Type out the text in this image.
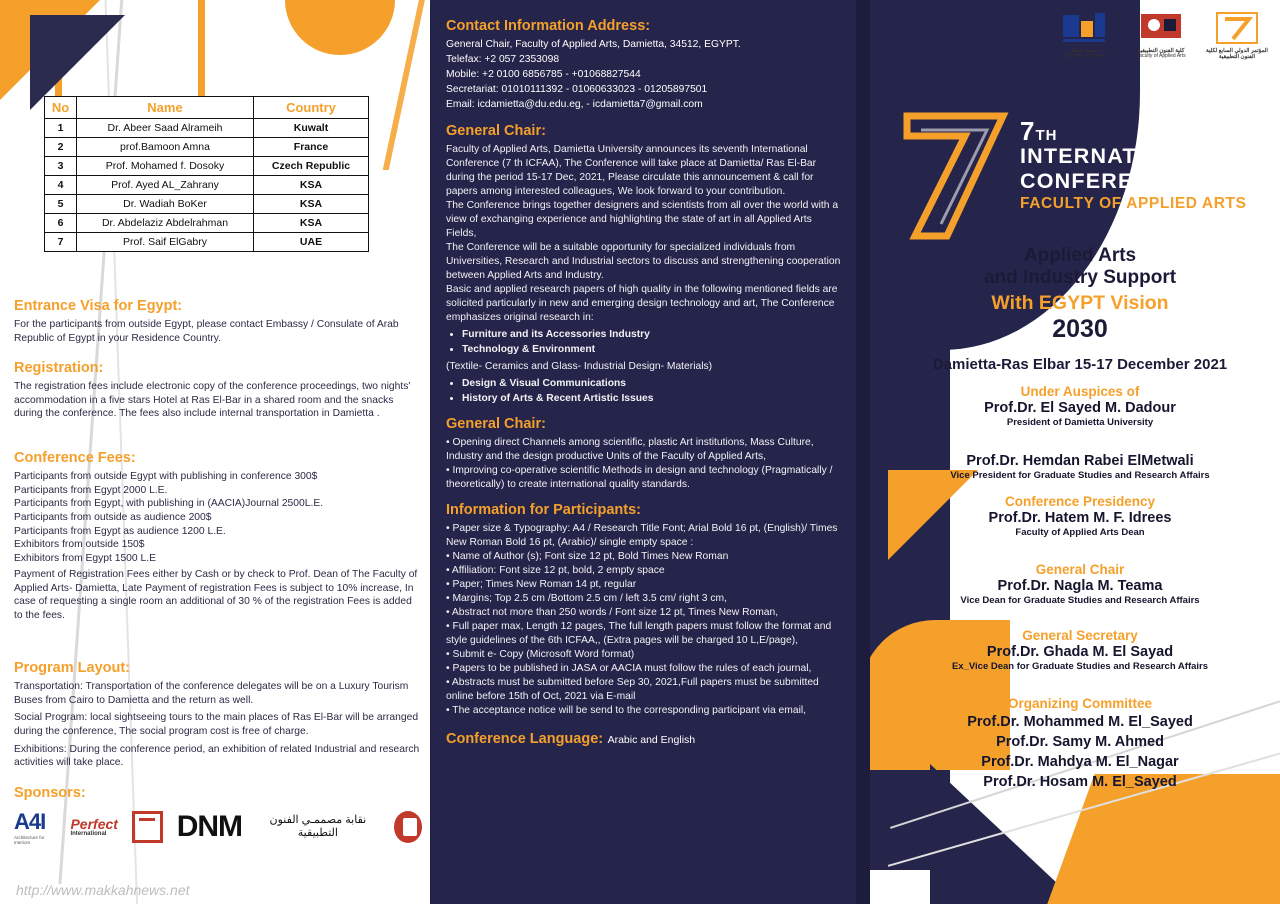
No	Name	Country
1	Dr. Abeer Saad Alrameih	Kuwalt
2	prof.Bamoon Amna	France
3	Prof. Mohamed f. Dosoky	Czech Republic
4	Prof. Ayed AL_Zahrany	KSA
5	Dr. Wadiah BoKer	KSA
6	Dr. Abdelaziz Abdelrahman	KSA
7	Prof. Saif ElGabry	UAE
Entrance Visa for Egypt:

For the participants from outside Egypt, please contact Embassy / Consulate of Arab Republic of Egypt in your Residence Country.

Registration:

The registration fees include electronic copy of the conference proceedings, two nights' accommodation in a five stars Hotel at Ras El-Bar in a shared room and the snacks during the conference. The fees also include internal transportation in Damietta .

Conference Fees:

Participants from outside Egypt with publishing in conference 300$

Participants from Egypt 2000 L.E.

Participants from Egypt, with publishing in (AACIA)Journal 2500L.E.

Participants from outside as audience 200$

Participants from Egypt as audience 1200 L.E.

Exhibitors from outside 150$

Exhibitors from Egypt 1500 L.E

Payment of Registration Fees either by Cash or by check to Prof. Dean of The Faculty of Applied Arts- Damietta, Late Payment of registration Fees is subject to 10% increase, In case of requesting a single room an additional of 30 % of the registration Fees is added to the fees.

Program Layout:

Transportation: Transportation of the conference delegates will be on a Luxury Tourism Buses from Cairo to Damietta and the return as well.

Social Program: local sightseeing tours to the main places of Ras El-Bar will be arranged during the conference, The social program cost is free of charge.

Exhibitions: During the conference period, an exhibition of related Industrial and research activities will take place.

Sponsors:
A4I
Architecture for Interiors
Perfect
International	DNM	نقابة مصممـي الفنون التطبيقية
http://www.makkahnews.net
Contact Information Address:
General Chair, Faculty of Applied Arts, Damietta, 34512, EGYPT.
Telefax: +2 057 2353098
Mobile: +2 0100 6856785 - +01068827544
Secretariat: 01010111392 - 01060633023 - 01205897501
Email: icdamietta@du.edu.eg, - icdamietta7@gmail.com
General Chair:

Faculty of Applied Arts, Damietta University announces its seventh International Conference (7 th ICFAA), The Conference will take place at Damietta/ Ras El-Bar during the period 15-17 Dec, 2021, Please circulate this announcement & call for papers among interested colleagues, We look forward to your contribution.

The Conference brings together designers and scientists from all over the world with a view of exchanging experience and highlighting the state of art in all Applied Arts Fields,

The Conference will be a suitable opportunity for specialized individuals from Universities, Research and Industrial sectors to discuss and strengthening cooperation between Applied Arts and Industry.

Basic and applied research papers of high quality in the following mentioned fields are solicited particularly in new and emerging design technology and art, The Conference emphasizes original research in:

• Furniture and its Accessories Industry
• Technology & Environment

(Textile- Ceramics and Glass- Industrial Design- Materials)

• Design & Visual Communications
• History of Arts & Recent Artistic Issues
General Chair:

• Opening direct Channels among scientific, plastic Art institutions, Mass Culture, Industry and the design productive Units of the Faculty of Applied Arts,

• Improving co-operative scientific Methods in design and technology (Pragmatically / theoretically) to create international quality standards.

Information for Participants:

• Paper size & Typography: A4 / Research Title Font; Arial Bold 16 pt, (English)/ Times New Roman Bold 16 pt, (Arabic)/ single empty space :

• Name of Author (s); Font size 12 pt, Bold Times New Roman

• Affiliation: Font size 12 pt, bold, 2 empty space

• Paper; Times New Roman 14 pt, regular

• Margins; Top 2.5 cm /Bottom 2.5 cm / left 3.5 cm/ right 3 cm,

• Abstract not more than 250 words / Font size 12 pt, Times New Roman,

• Full paper max, Length 12 pages, The full length papers must follow the format and style guidelines of the 6th ICFAA,, (Extra pages will be charged 10 L,E/page),

• Submit e- Copy (Microsoft Word format)

• Papers to be published in JASA or AACIA must follow the rules of each journal,

• Abstracts must be submitted before Sep 30, 2021,Full papers must be submitted online before 15th of Oct, 2021 via E-mail

• The acceptance notice will be send to the corresponding participant via email,

Conference Language: Arabic and English
جامعة دمياط
Damietta University
كلية الفنون التطبيقية
Faculty of Applied Arts
المؤتمر الدولي السابع لكلية الفنون التطبيقية
7TH
INTERNATIONAL
CONFERENCE OF
FACULTY OF APPLIED ARTS
Applied Arts
and Industry Support
With EGYPT Vision
2030
Damietta-Ras Elbar 15-17 December 2021
Under Auspices of
Prof.Dr. El Sayed M. Dadour
President of Damietta University
Prof.Dr. Hemdan Rabei ElMetwali
Vice President for Graduate Studies and Research Affairs
Conference Presidency
Prof.Dr. Hatem M. F. Idrees
Faculty of Applied Arts Dean
General Chair
Prof.Dr. Nagla M. Teama
Vice Dean for Graduate Studies and Research Affairs
General Secretary
Prof.Dr. Ghada M. El Sayad
Ex_Vice Dean for Graduate Studies and Research Affairs
Organizing Committee
Prof.Dr. Mohammed M. El_Sayed
Prof.Dr. Samy M. Ahmed
Prof.Dr. Mahdya M. El_Nagar
Prof.Dr. Hosam M. El_Sayed
